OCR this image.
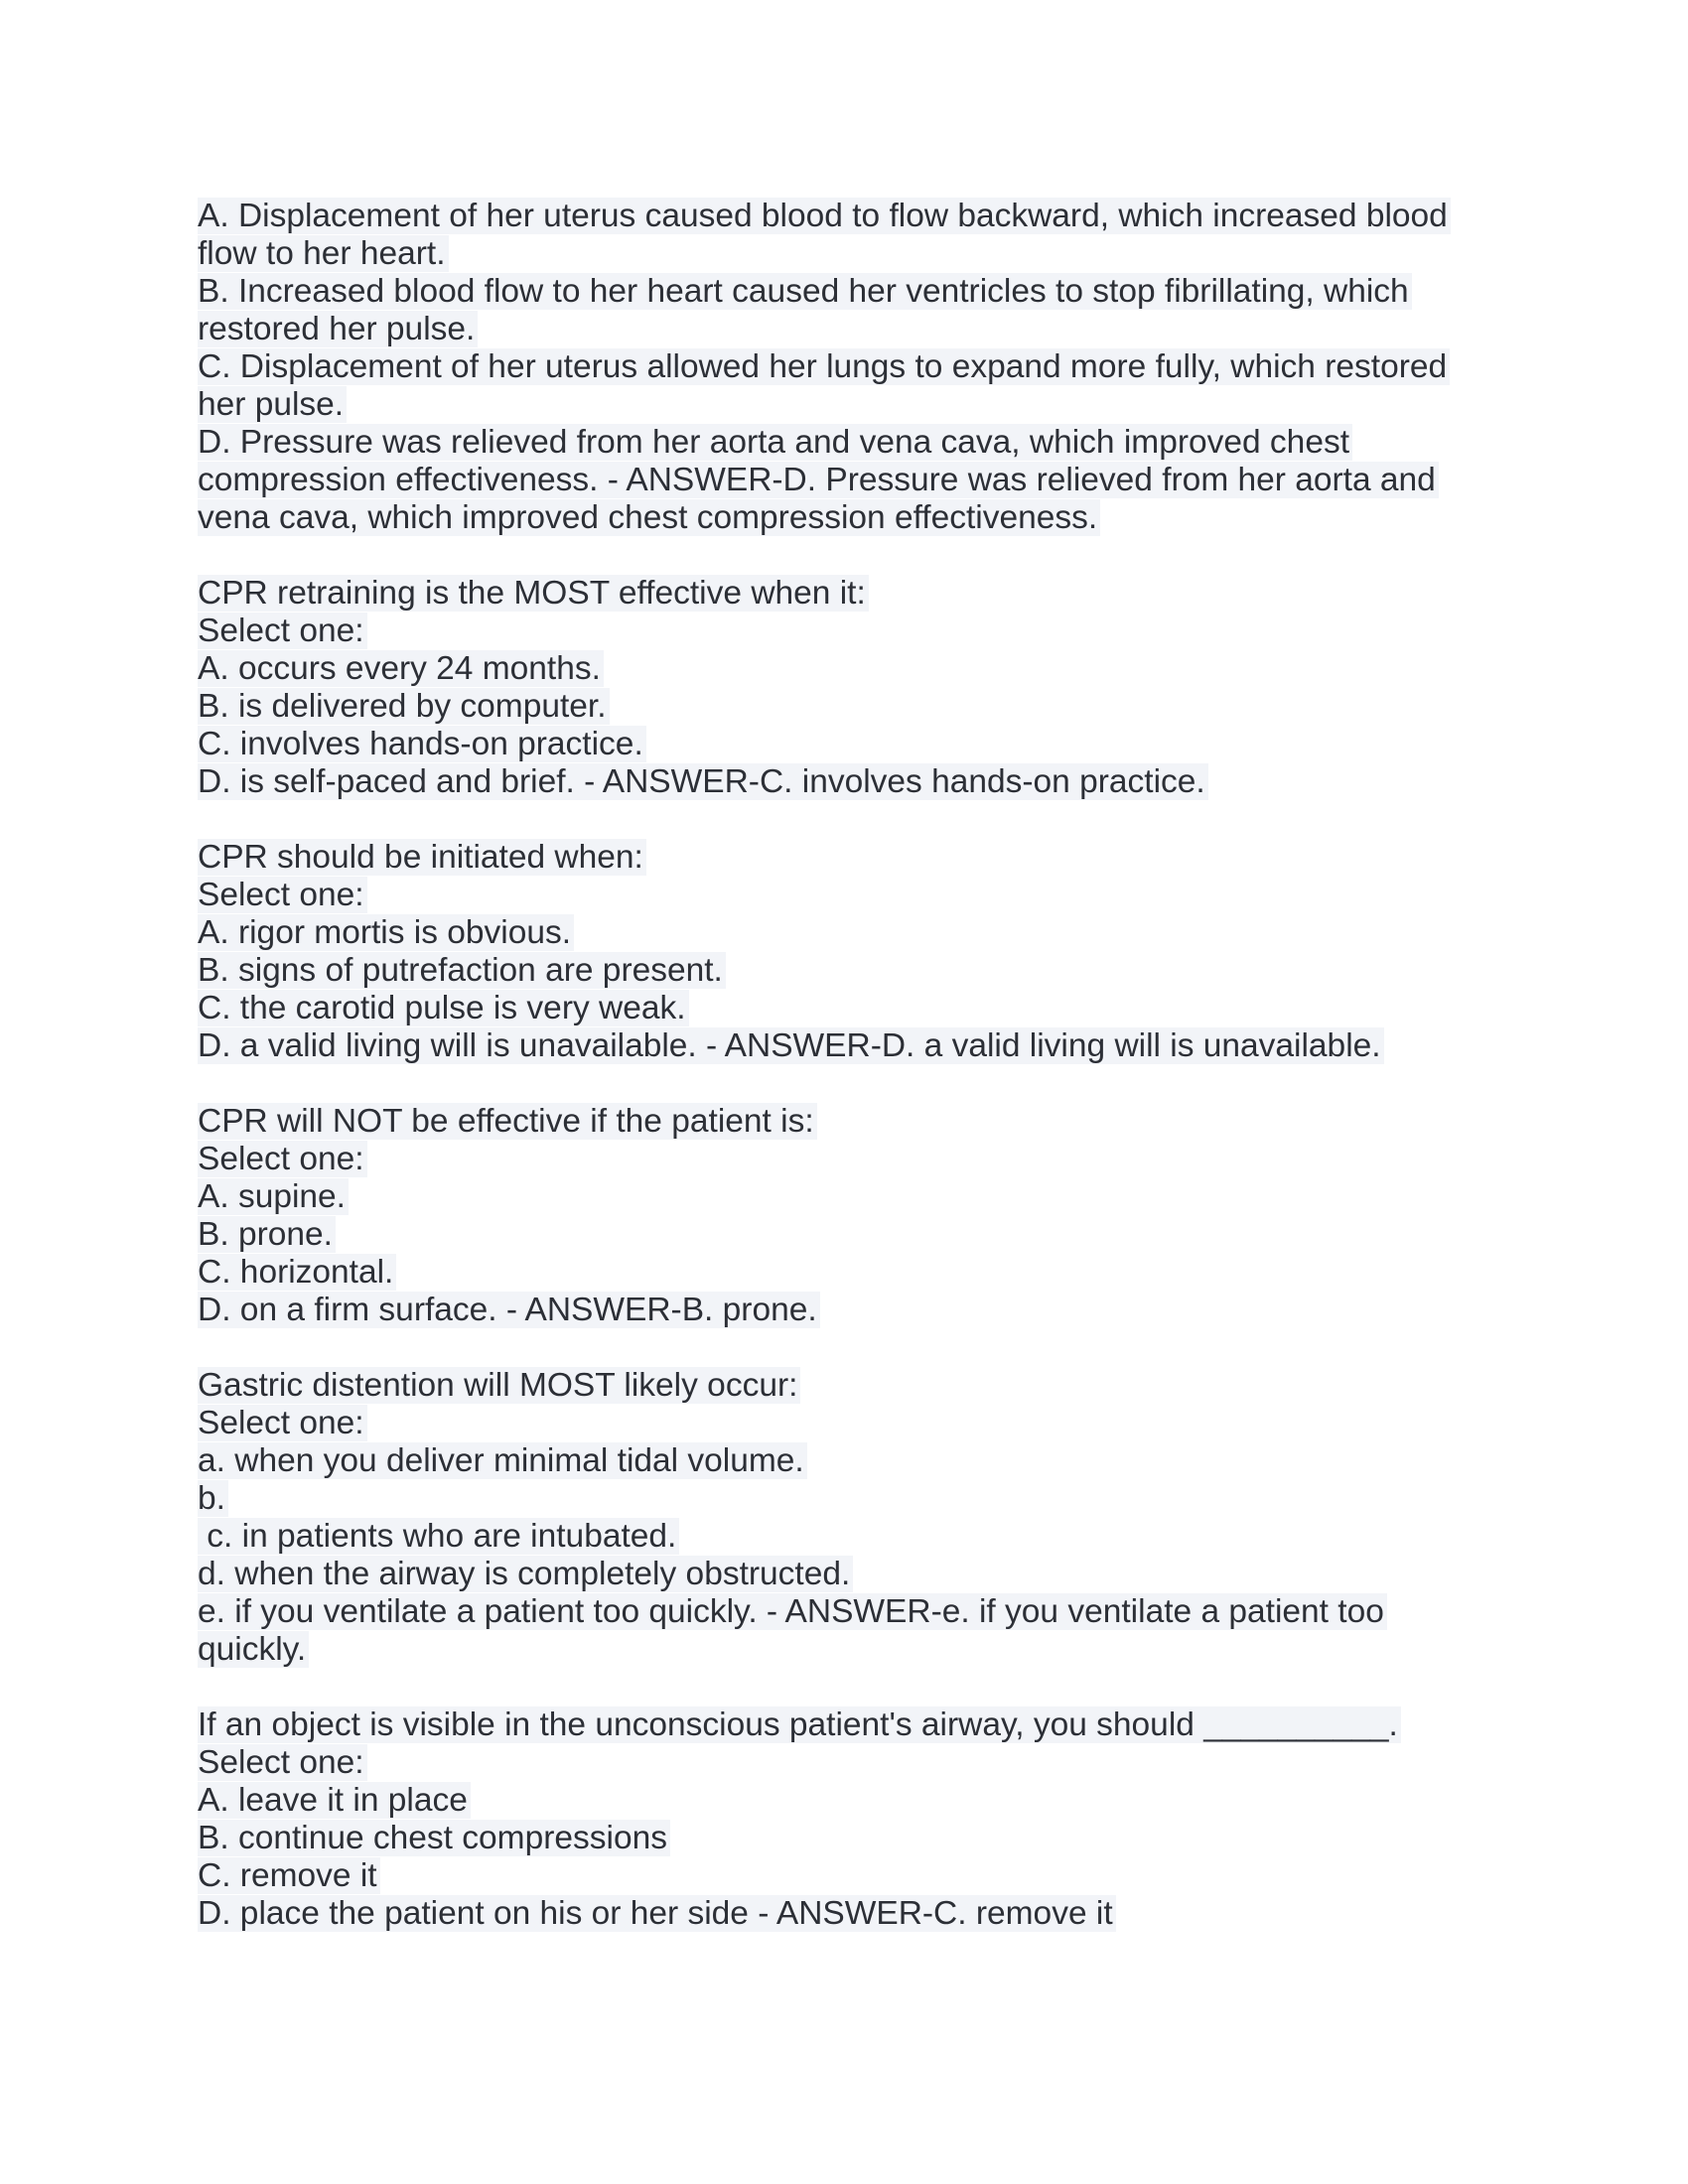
A. Displacement of her uterus caused blood to flow backward, which increased blood
flow to her heart.
B. Increased blood flow to her heart caused her ventricles to stop fibrillating, which
restored her pulse.
C. Displacement of her uterus allowed her lungs to expand more fully, which restored
her pulse.
D. Pressure was relieved from her aorta and vena cava, which improved chest
compression effectiveness. - ANSWER-D. Pressure was relieved from her aorta and
vena cava, which improved chest compression effectiveness.
CPR retraining is the MOST effective when it:
Select one:
A. occurs every 24 months.
B. is delivered by computer.
C. involves hands-on practice.
D. is self-paced and brief. - ANSWER-C. involves hands-on practice.
CPR should be initiated when:
Select one:
A. rigor mortis is obvious.
B. signs of putrefaction are present.
C. the carotid pulse is very weak.
D. a valid living will is unavailable. - ANSWER-D. a valid living will is unavailable.
CPR will NOT be effective if the patient is:
Select one:
A. supine.
B. prone.
C. horizontal.
D. on a firm surface. - ANSWER-B. prone.
Gastric distention will MOST likely occur:
Select one:
a. when you deliver minimal tidal volume.
b.
c. in patients who are intubated.
d. when the airway is completely obstructed.
e. if you ventilate a patient too quickly. - ANSWER-e. if you ventilate a patient too
quickly.
If an object is visible in the unconscious patient's airway, you should __________.
Select one:
A. leave it in place
B. continue chest compressions
C. remove it
D. place the patient on his or her side - ANSWER-C. remove it
